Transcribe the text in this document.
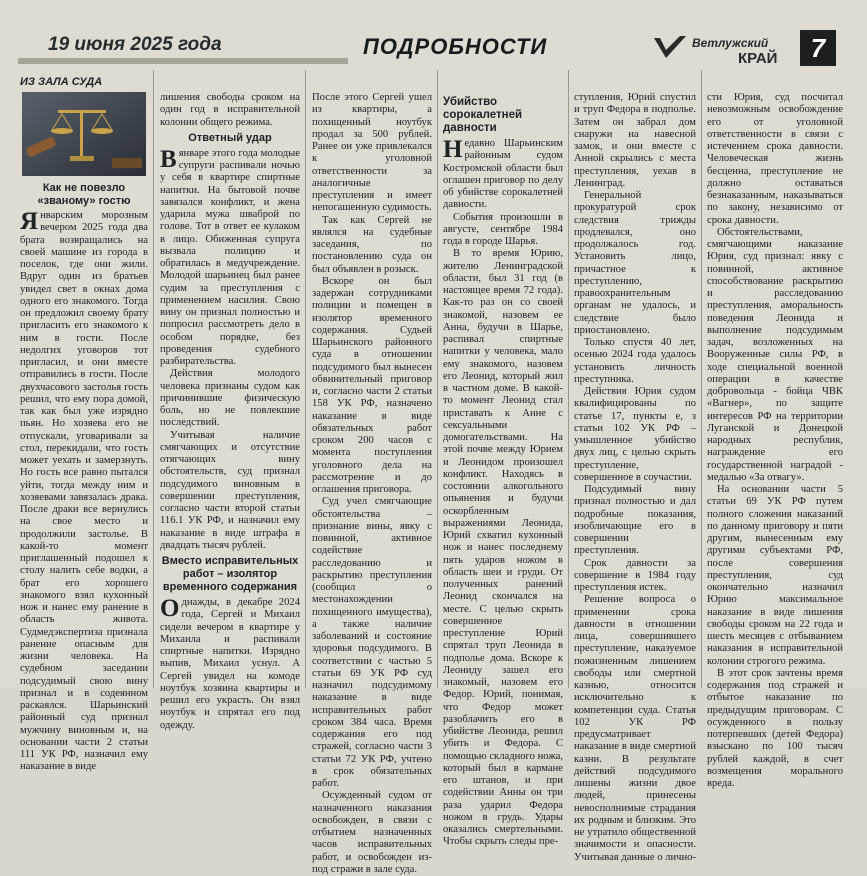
19 июня 2025 года	ПОДРОБНОСТИ	Ветлужский
КРАЙ	7
ИЗ ЗАЛА СУДА
Как не повезло «званому» гостю

Январским морозным вечером 2025 года два брата возвращались на своей машине из города в поселок, где они жили. Вдруг один из братьев увидел свет в окнах дома одного его знакомого. Тогда он предложил своему брату пригласить его знакомого к ним в гости. После недолгих уговоров тот пригласил, и они вместе отправились в гости. После двухчасового застолья гость решил, что ему пора домой, так как был уже изрядно пьян. Но хозяева его не отпускали, уговаривали за стол, перекидали, что гость может уехать и замерзнуть. Но гость все равно пытался уйти, тогда между ним и хозяевами завязалась драка. После драки все вернулись на свое место и продолжили застолье. В какой-то момент приглашенный подошел к столу налить себе водки, а брат его хорошего знакомого взял кухонный нож и нанес ему ранение в область живота. Судмедэкспертиза признала ранение опасным для жизни человека. На судебном заседании подсудимый свою вину признал и в содеянном раскаялся. Шарьинский районный суд признал мужчину виновным и, на основании части 2 статьи 111 УК РФ, назначил ему наказание в виде

лишения свободы сроком на один год в исправительной колонии общего режима.

Ответный удар

Вянваре этого года молодые супруги распивали ночью у себя в квартире спиртные напитки. На бытовой почве завязался конфликт, и жена ударила мужа шваброй по голове. Тот в ответ ее кулаком в лицо. Обиженная супруга вызвала полицию и обратилась в медучреждение. Молодой шарьинец был ранее судим за преступления с применением насилия. Свою вину он признал полностью и попросил рассмотреть дело в особом порядке, без проведения судебного разбирательства.

Действия молодого человека признаны судом как причинившие физическую боль, но не повлекшие последствий.

Учитывая наличие смягчающих и отсутствие отягчающих вину обстоятельств, суд признал подсудимого виновным в совершении преступления, согласно части второй статьи 116.1 УК РФ, и назначил ему наказание в виде штрафа в двадцать тысяч рублей.

Вместо исправительных работ – изолятор временного содержания

Однажды, в декабре 2024 года, Сергей и Михаил сидели вечером в квартире у Михаила и распивали спиртные напитки. Изрядно выпив, Михаил уснул. А Сергей увидел на комоде ноутбук хозяина квартиры и решил его украсть. Он взял ноутбук и спрятал его под одежду.

После этого Сергей ушел из квартиры, а похищенный ноутбук продал за 500 рублей. Ранее он уже привлекался к уголовной ответственности за аналогичные преступления и имеет непогашенную судимость.

Так как Сергей не являлся на судебные заседания, по постановлению суда он был объявлен в розыск.

Вскоре он был задержан сотрудниками полиции и помещен в изолятор временного содержания. Судьей Шарьинского районного суда в отношении подсудимого был вынесен обвинительный приговор и, согласно части 2 статьи 158 УК РФ, назначено наказание в виде обязательных работ сроком 200 часов с момента поступления уголовного дела на рассмотрение и до оглашения приговора.

Суд учел смягчающие обстоятельства – признание вины, явку с повинной, активное содействие расследованию и раскрытию преступления (сообщил о местонахождении похищенного имущества), а также наличие заболеваний и состояние здоровья подсудимого. В соответствии с частью 5 статьи 69 УК РФ суд назначил подсудимому наказание в виде исправительных работ сроком 384 часа. Время содержания его под стражей, согласно части 3 статьи 72 УК РФ, учтено в срок обязательных работ.

Осужденный судом от назначенного наказания освобожден, в связи с отбытием назначенных часов исправительных работ, и освобожден из-под стражи в зале суда.

Убийство сорокалетней давности

Недавно Шарьинским районным судом Костромской области был оглашен приговор по делу об убийстве сорокалетней давности.

События произошли в августе, сентябре 1984 года в городе Шарья.

В то время Юрию, жителю Ленинградской области, был 31 год (в настоящее время 72 года). Как-то раз он со своей знакомой, назовем ее Анна, будучи в Шарье, распивал спиртные напитки у человека, мало ему знакомого, назовем его Леонид, который жил в частном доме. В какой-то момент Леонид стал приставать к Анне с сексуальными домогательствами. На этой почве между Юрием и Леонидом произошел конфликт. Находясь в состоянии алкогольного опьянения и будучи оскорбленным выражениями Леонида, Юрий схватил кухонный нож и нанес последнему пять ударов ножом в область шеи и груди. От полученных ранений Леонид скончался на месте. С целью скрыть совершенное преступление Юрий спрятал труп Леонида в подполье дома. Вскоре к Леониду зашел его знакомый, назовем его Федор. Юрий, понимая, что Федор может разоблачить его в убийстве Леонида, решил убить и Федора. С помощью складного ножа, который был в кармане его штанов, и при содействии Анны он три раза ударил Федора ножом в грудь. Удары оказались смертельными. Чтобы скрыть следы пре-

ступления, Юрий спустил и труп Федора в подполье. Затем он забрал дом снаружи на навесной замок, и они вместе с Анной скрылись с места преступления, уехав в Ленинград.

Генеральной прокуратурой срок следствия трижды продлевался, оно продолжалось год. Установить лицо, причастное к преступлению, правоохранительным органам не удалось, и следствие было приостановлено.

Только спустя 40 лет, осенью 2024 года удалось установить личность преступника.

Действия Юрия судом квалифицированы по статье 17, пункты е, з статьи 102 УК РФ – умышленное убийство двух лиц, с целью скрыть преступление, совершенное в соучастии.

Подсудимый вину признал полностью и дал подробные показания, изобличающие его в совершении преступления.

Срок давности за совершение в 1984 году преступления истек.

Решение вопроса о применении срока давности в отношении лица, совершившего преступление, наказуемое пожизненным лишением свободы или смертной казнью, относится исключительно к компетенции суда. Статья 102 УК РФ предусматривает наказание в виде смертной казни. В результате действий подсудимого лишены жизни двое людей, принесены невосполнимые страдания их родным и близким. Это не утратило общественной значимости и опасности. Учитывая данные о лично-

сти Юрия, суд посчитал невозможным освобождение его от уголовной ответственности в связи с истечением срока давности. Человеческая жизнь бесценна, преступление не должно оставаться безнаказанным, наказываться по закону, независимо от срока давности.

Обстоятельствами, смягчающими наказание Юрия, суд признал: явку с повинной, активное способствование раскрытию и расследованию преступления, аморальность поведения Леонида и выполнение подсудимым задач, возложенных на Вооруженные силы РФ, в ходе специальной военной операции в качестве добровольца - бойца ЧВК «Вагнер», по защите интересов РФ на территории Луганской и Донецкой народных республик, награждение его государственной наградой - медалью «За отвагу».

На основании части 5 статьи 69 УК РФ путем полного сложения наказаний по данному приговору и пяти другим, вынесенным ему другими субъектами РФ, после совершения преступления, суд окончательно назначил Юрию максимальное наказание в виде лишения свободы сроком на 22 года и шесть месяцев с отбыванием наказания в исправительной колонии строгого режима.

В этот срок зачтены время содержания под стражей и отбытое наказание по предыдущим приговорам. С осужденного в пользу потерпевших (детей Федора) взыскано по 100 тысяч рублей каждой, в счет возмещения морального вреда.
